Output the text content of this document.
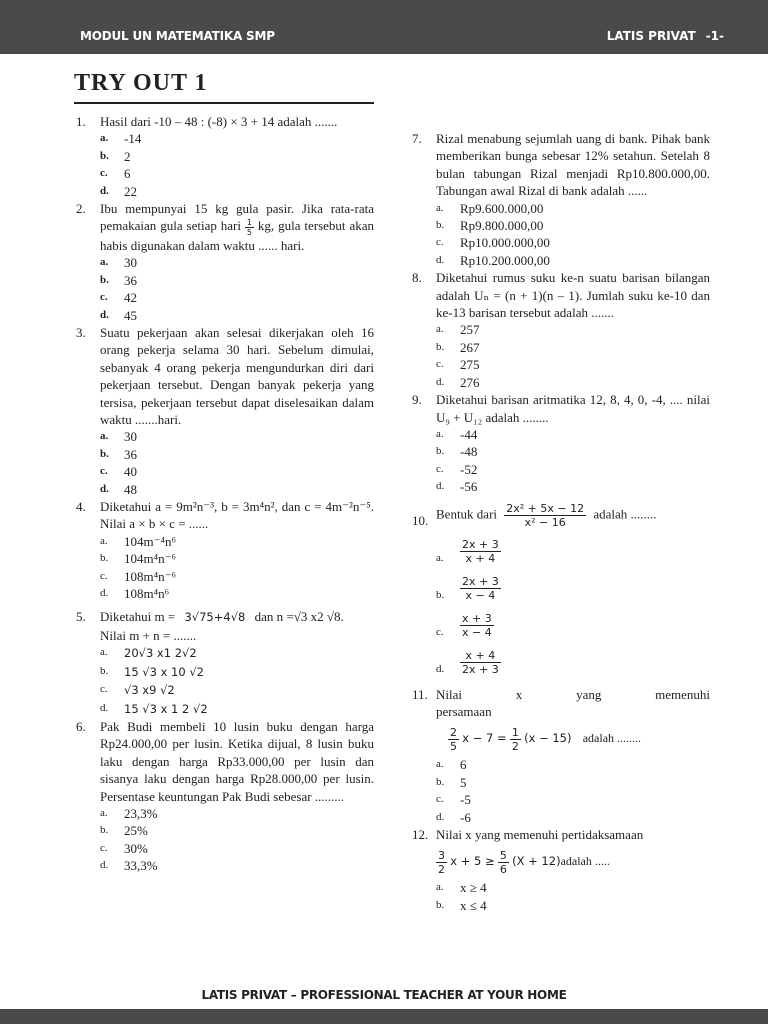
MODUL UN MATEMATIKA SMP	LATIS PRIVAT -1-
TRY OUT 1
1. Hasil dari -10 – 48 : (-8) × 3 + 14 adalah .......
a. -14
b. 2
c. 6
d. 22
2. Ibu mempunyai 15 kg gula pasir. Jika rata-rata pemakaian gula setiap hari $\frac{1}{5}$ kg, gula tersebut akan habis digunakan dalam waktu ...... hari.
a. 30
b. 36
c. 42
d. 45
3. Suatu pekerjaan akan selesai dikerjakan oleh 16 orang pekerja selama 30 hari. Sebelum dimulai, sebanyak 4 orang pekerja mengundurkan diri dari pekerjaan tersebut. Dengan banyak pekerja yang tersisa, pekerjaan tersebut dapat diselesaikan dalam waktu .......hari.
a. 30
b. 36
c. 40
d. 48
4. Diketahui a = 9m²n⁻³, b = 3m⁴n², dan c = 4m⁻²n⁻⁵. Nilai a × b × c = ......
a. 104m⁻⁴n⁶
b. 104m⁴n⁻⁶
c. 108m⁴n⁻⁶
d. 108m⁴n⁶
5. Diketahui m = 3√75+4√8 dan n =√3 x2 √8.
Nilai m + n = .......
a. 20√3 x1 2√2
b. 15 √3 x 10 √2
c. √3 x9 √2
d. 15 √3 x 1 2 √2
6. Pak Budi membeli 10 lusin buku dengan harga Rp24.000,00 per lusin. Ketika dijual, 8 lusin buku laku dengan harga Rp33.000,00 per lusin dan sisanya laku dengan harga Rp28.000,00 per lusin. Persentase keuntungan Pak Budi sebesar .........
a. 23,3%
b. 25%
c. 30%
d. 33,3%
7. Rizal menabung sejumlah uang di bank. Pihak bank memberikan bunga sebesar 12% setahun. Setelah 8 bulan tabungan Rizal menjadi Rp10.800.000,00. Tabungan awal Rizal di bank adalah ......
a. Rp9.600.000,00
b. Rp9.800.000,00
c. Rp10.000.000,00
d. Rp10.200.000,00
8. Diketahui rumus suku ke-n suatu barisan bilangan adalah Uₙ = (n + 1)(n – 1). Jumlah suku ke-10 dan ke-13 barisan tersebut adalah .......
a. 257
b. 267
c. 275
d. 276
9. Diketahui barisan aritmatika 12, 8, 4, 0, -4, .... nilai U₉ + U₁₂ adalah ........
a. -44
b. -48
c. -52
d. -56
10. Bentuk dari $\frac{\text{2x² + 5x − 12}}{\text{x² − 16}}$ adalah ........
a. $\frac{2x + 3}{x + 4}$
b. $\frac{2x + 3}{x - 4}$
c. $\frac{x + 3}{x - 4}$
d. $\frac{x + 4}{2x + 3}$
11. Nilai x yang memenuhi persamaan
$\frac{2}{5}$ $x - 7 = \frac{1}{2} (x - 15)$ adalah ........
a. 6
b. 5
c. -5
d. -6
12. Nilai x yang memenuhi pertidaksamaan
$\frac{3}{2}$ $x + 5 \ge \frac{5}{6} (X$ + 12)adalah .....
a. x ≥ 4
b. x ≤ 4
LATIS PRIVAT – PROFESSIONAL TEACHER AT YOUR HOME
